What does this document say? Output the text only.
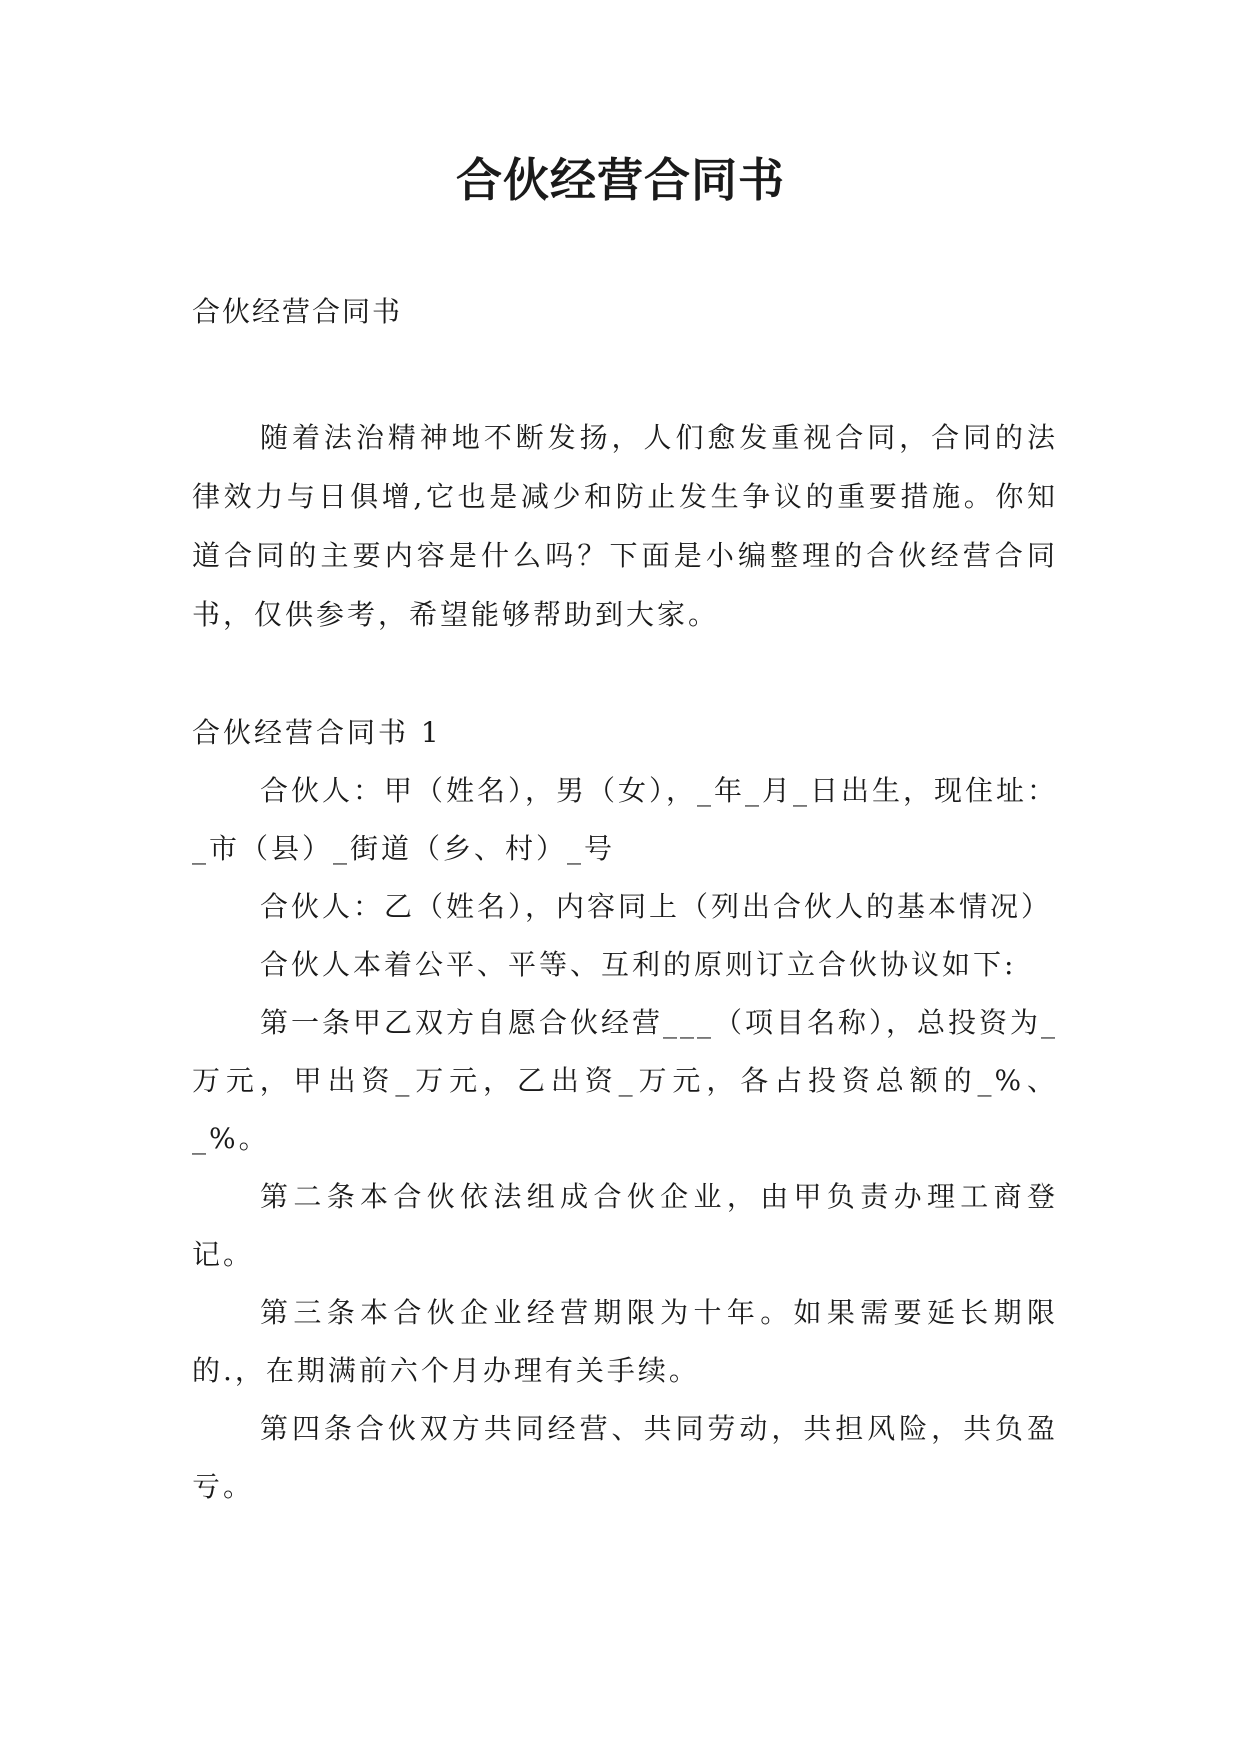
合伙经营合同书
合伙经营合同书
随着法治精神地不断发扬，人们愈发重视合同，合同的法律效力与日俱增,它也是减少和防止发生争议的重要措施。你知道合同的主要内容是什么吗？下面是小编整理的合伙经营合同书，仅供参考，希望能够帮助到大家。

合伙经营合同书 1

合伙人：甲（姓名），男（女），_年_月_日出生，现住址：_市（县）_街道（乡、村）_号

合伙人：乙（姓名），内容同上（列出合伙人的基本情况）

合伙人本着公平、平等、互利的原则订立合伙协议如下:

第一条甲乙双方自愿合伙经营___（项目名称），总投资为_万元，甲出资_万元，乙出资_万元，各占投资总额的_%、_%。

第二条本合伙依法组成合伙企业，由甲负责办理工商登记。

第三条本合伙企业经营期限为十年。如果需要延长期限的.，在期满前六个月办理有关手续。

第四条合伙双方共同经营、共同劳动，共担风险，共负盈亏。
